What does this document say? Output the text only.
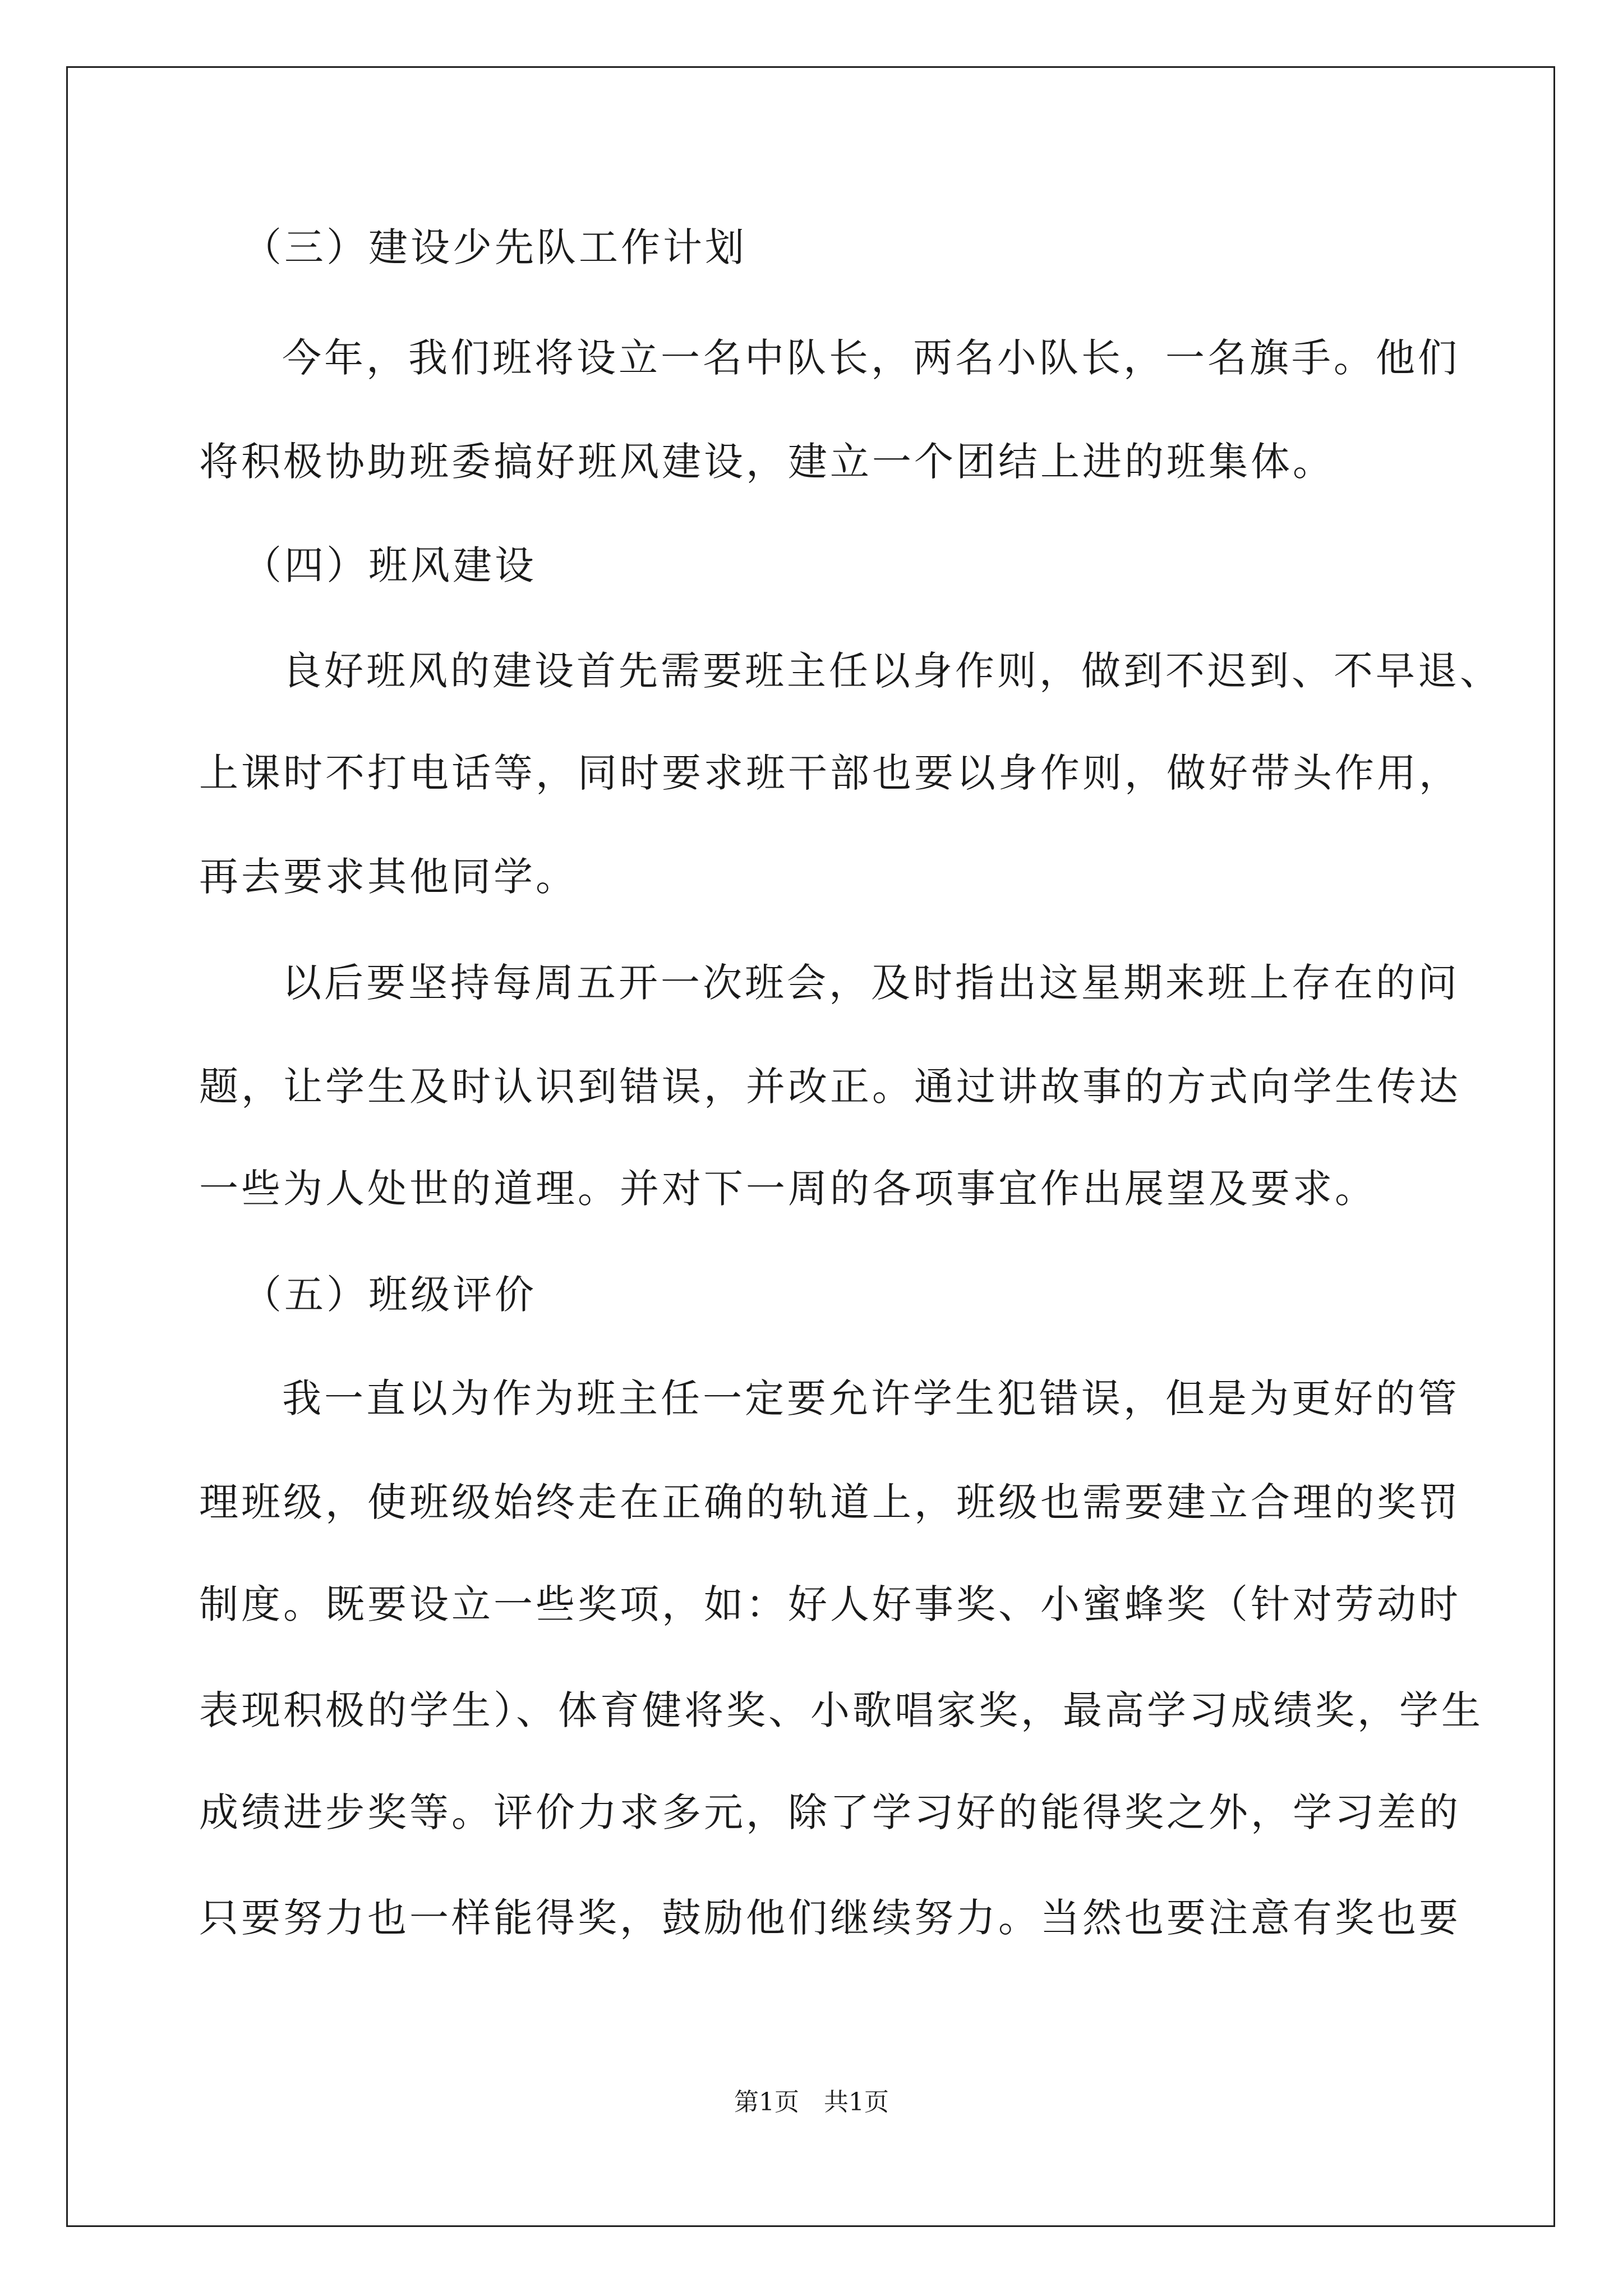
（三）建设少先队工作计划
今年，我们班将设立一名中队长，两名小队长，一名旗手。他们
将积极协助班委搞好班风建设，建立一个团结上进的班集体。
（四）班风建设
良好班风的建设首先需要班主任以身作则，做到不迟到、不早退、
上课时不打电话等，同时要求班干部也要以身作则，做好带头作用，
再去要求其他同学。
以后要坚持每周五开一次班会，及时指出这星期来班上存在的问
题，让学生及时认识到错误，并改正。通过讲故事的方式向学生传达
一些为人处世的道理。并对下一周的各项事宜作出展望及要求。
（五）班级评价
我一直以为作为班主任一定要允许学生犯错误，但是为更好的管
理班级，使班级始终走在正确的轨道上，班级也需要建立合理的奖罚
制度。既要设立一些奖项，如：好人好事奖、小蜜蜂奖（针对劳动时
表现积极的学生）、体育健将奖、小歌唱家奖，最高学习成绩奖，学生
成绩进步奖等。评价力求多元，除了学习好的能得奖之外，学习差的
只要努力也一样能得奖，鼓励他们继续努力。当然也要注意有奖也要
第1页　共1页
